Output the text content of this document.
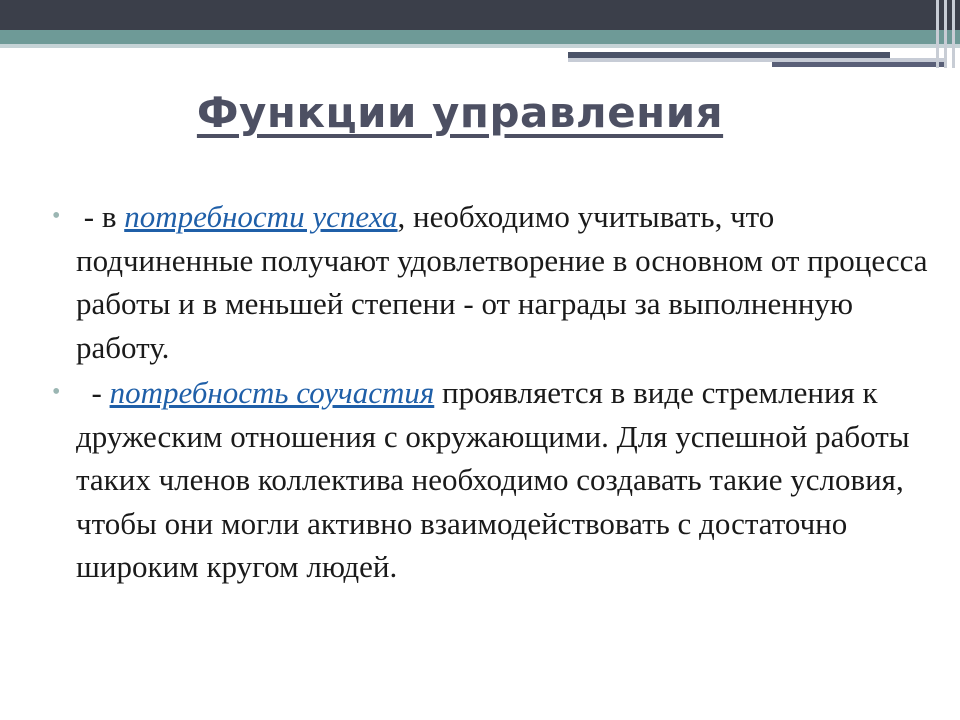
Функции управления
• - в потребности успеха, необходимо учитывать, что подчиненные получают удовлетворение в основном от процесса работы и в меньшей степени - от награды за выполненную работу.
• - потребность соучастия проявляется в виде стремления к дружеским отношения с окружающими. Для успешной работы таких членов коллектива необходимо создавать такие условия, чтобы они могли активно взаимодействовать с достаточно широким кругом людей.
